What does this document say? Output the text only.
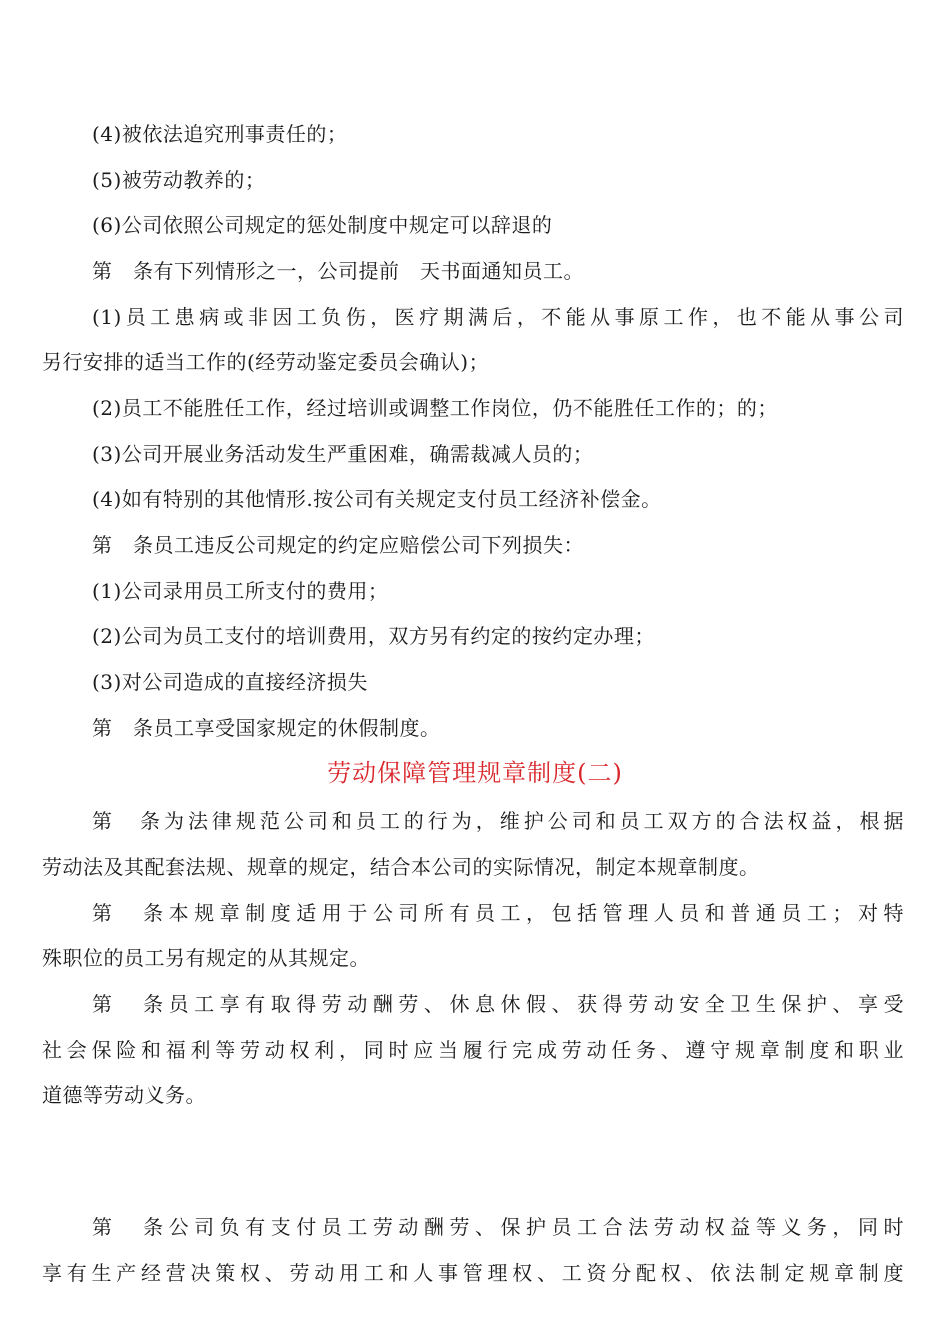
(4)被依法追究刑事责任的；
(5)被劳动教养的；
(6)公司依照公司规定的惩处制度中规定可以辞退的
第　条有下列情形之一，公司提前　天书面通知员工。
(1)员工患病或非因工负伤，医疗期满后，不能从事原工作，也不能从事公司
另行安排的适当工作的(经劳动鉴定委员会确认)；
(2)员工不能胜任工作，经过培训或调整工作岗位，仍不能胜任工作的；的；
(3)公司开展业务活动发生严重困难，确需裁减人员的；
(4)如有特别的其他情形.按公司有关规定支付员工经济补偿金。
第　条员工违反公司规定的约定应赔偿公司下列损失：
(1)公司录用员工所支付的费用；
(2)公司为员工支付的培训费用，双方另有约定的按约定办理；
(3)对公司造成的直接经济损失
第　条员工享受国家规定的休假制度。
劳动保障管理规章制度(二)
第　条为法律规范公司和员工的行为，维护公司和员工双方的合法权益，根据
劳动法及其配套法规、规章的规定，结合本公司的实际情况，制定本规章制度。
第　条本规章制度适用于公司所有员工，包括管理人员和普通员工；对特
殊职位的员工另有规定的从其规定。
第　条员工享有取得劳动酬劳、休息休假、获得劳动安全卫生保护、享受
社会保险和福利等劳动权利，同时应当履行完成劳动任务、遵守规章制度和职业
道德等劳动义务。
第　条公司负有支付员工劳动酬劳、保护员工合法劳动权益等义务，同时
享有生产经营决策权、劳动用工和人事管理权、工资分配权、依法制定规章制度
